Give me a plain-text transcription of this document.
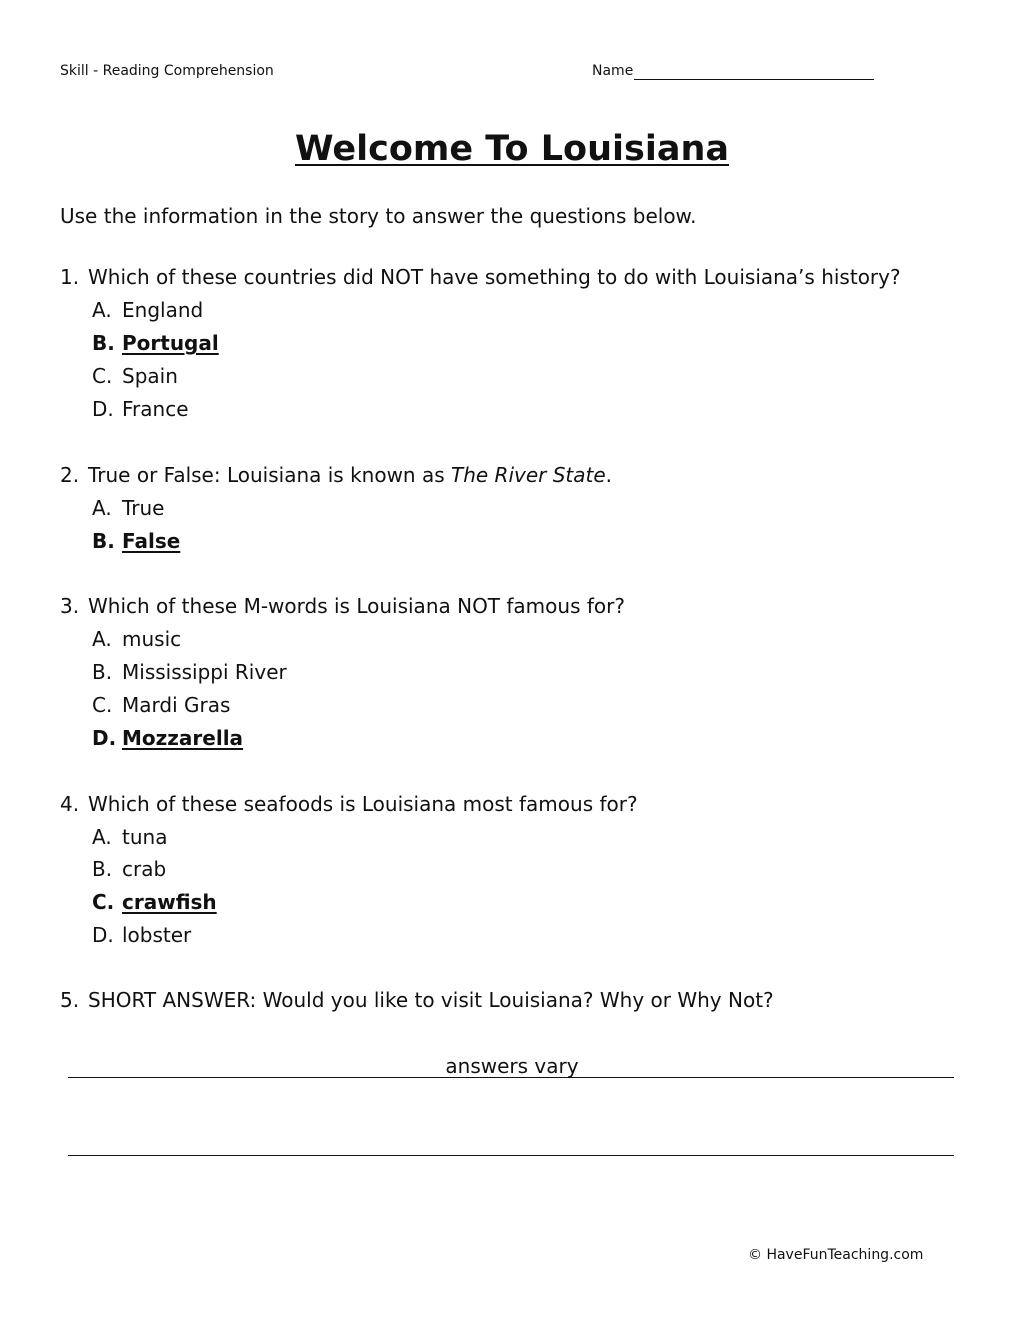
Skill - Reading Comprehension	Name
Welcome To Louisiana
Use the information in the story to answer the questions below.
1. Which of these countries did NOT have something to do with Louisiana’s history?
A. England
B. Portugal
C. Spain
D. France
2. True or False: Louisiana is known as The River State.
A. True
B. False
3. Which of these M-words is Louisiana NOT famous for?
A. music
B. Mississippi River
C. Mardi Gras
D. Mozzarella
4. Which of these seafoods is Louisiana most famous for?
A. tuna
B. crab
C. crawfish
D. lobster
5. SHORT ANSWER: Would you like to visit Louisiana? Why or Why Not?
answers vary
© HaveFunTeaching.com
